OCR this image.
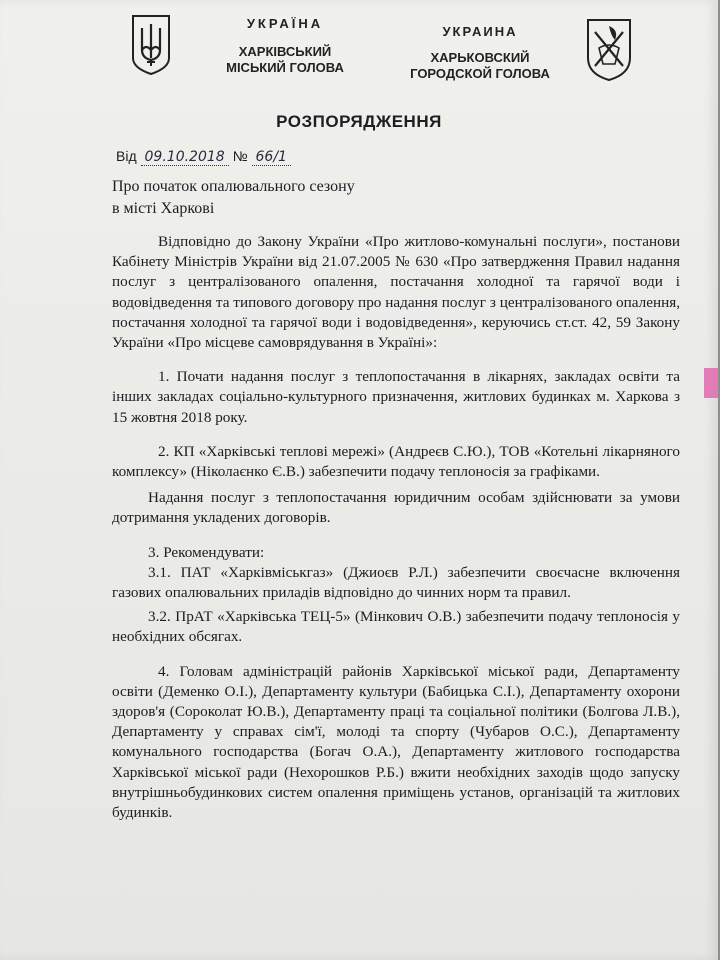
УКРАЇНА
ХАРКІВСЬКИЙ
МІСЬКИЙ ГОЛОВА
УКРАИНА
ХАРЬКОВСКИЙ
ГОРОДСКОЙ ГОЛОВА
РОЗПОРЯДЖЕННЯ
Від 09.10.2018 № 66/1
Про початок опалювального сезону
в місті Харкові

Відповідно до Закону України «Про житлово-комунальні послуги», постанови Кабінету Міністрів України від 21.07.2005 № 630 «Про затвердження Правил надання послуг з централізованого опалення, постачання холодної та гарячої води і водовідведення та типового договору про надання послуг з централізованого опалення, постачання холодної та гарячої води і водовідведення», керуючись ст.ст. 42, 59 Закону України «Про місцеве самоврядування в Україні»:

1. Почати надання послуг з теплопостачання в лікарнях, закладах освіти та інших закладах соціально-культурного призначення, житлових будинках м. Харкова з 15 жовтня 2018 року.

2. КП «Харківські теплові мережі» (Андреєв С.Ю.), ТОВ «Котельні лікарняного комплексу» (Ніколаєнко Є.В.) забезпечити подачу теплоносія за графіками.

Надання послуг з теплопостачання юридичним особам здійснювати за умови дотримання укладених договорів.

3. Рекомендувати:

3.1. ПАТ «Харківміськгаз» (Джиоєв Р.Л.) забезпечити своєчасне включення газових опалювальних приладів відповідно до чинних норм та правил.

3.2. ПрАТ «Харківська ТЕЦ-5» (Мінкович О.В.) забезпечити подачу теплоносія у необхідних обсягах.

4. Головам адміністрацій районів Харківської міської ради, Департаменту освіти (Деменко О.І.), Департаменту культури (Бабицька С.І.), Департаменту охорони здоров'я (Сороколат Ю.В.), Департаменту праці та соціальної політики (Болгова Л.В.), Департаменту у справах сім'ї, молоді та спорту (Чубаров О.С.), Департаменту комунального господарства (Богач О.А.), Департаменту житлового господарства Харківської міської ради (Нехорошков Р.Б.) вжити необхідних заходів щодо запуску внутрішньобудинкових систем опалення приміщень установ, організацій та житлових будинків.
